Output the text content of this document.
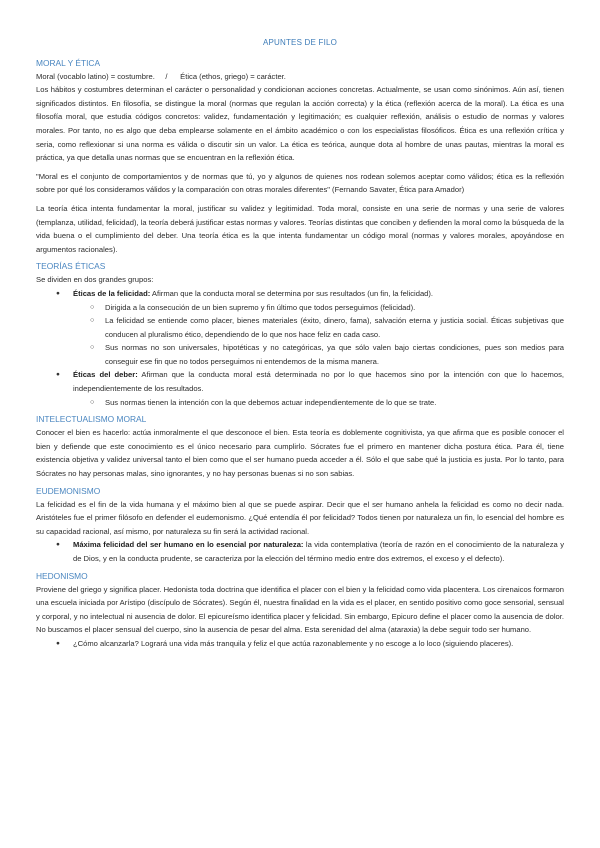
APUNTES DE FILO
MORAL Y ÉTICA

Moral (vocablo latino) = costumbre. / Ética (ethos, griego) = carácter.

Los hábitos y costumbres determinan el carácter o personalidad y condicionan acciones concretas. Actualmente, se usan como sinónimos. Aún así, tienen significados distintos. En filosofía, se distingue la moral (normas que regulan la acción correcta) y la ética (reflexión acerca de la moral). La ética es una filosofía moral, que estudia códigos concretos: validez, fundamentación y legitimación; es cualquier reflexión, análisis o estudio de normas y valores morales. Por tanto, no es algo que deba emplearse solamente en el ámbito académico o con los especialistas filosóficos. Ética es una reflexión crítica y seria, como reflexionar si una norma es válida o discutir sin un valor. La ética es teórica, aunque dota al hombre de unas pautas, mientras la moral es práctica, ya que detalla unas normas que se encuentran en la reflexión ética.

"Moral es el conjunto de comportamientos y de normas que tú, yo y algunos de quienes nos rodean solemos aceptar como válidos; ética es la reflexión sobre por qué los consideramos válidos y la comparación con otras morales diferentes" (Fernando Savater, Ética para Amador)

La teoría ética intenta fundamentar la moral, justificar su validez y legitimidad. Toda moral, consiste en una serie de normas y una serie de valores (templanza, utilidad, felicidad), la teoría deberá justificar estas normas y valores. Teorías distintas que conciben y defienden la moral como la búsqueda de la vida buena o el cumplimiento del deber. Una teoría ética es la que intenta fundamentar un código moral (normas y valores morales, apoyándose en argumentos racionales).

TEORÍAS ÉTICAS

Se dividen en dos grandes grupos:

● Éticas de la felicidad: Afirman que la conducta moral se determina por sus resultados (un fin, la felicidad).
○ Dirigida a la consecución de un bien supremo y fin último que todos perseguimos (felicidad).
○ La felicidad se entiende como placer, bienes materiales (éxito, dinero, fama), salvación eterna y justicia social. Éticas subjetivas que conducen al pluralismo ético, dependiendo de lo que nos hace feliz en cada caso.
○ Sus normas no son universales, hipotéticas y no categóricas, ya que sólo valen bajo ciertas condiciones, pues son medios para conseguir ese fin que no todos perseguimos ni entendemos de la misma manera.
● Éticas del deber: Afirman que la conducta moral está determinada no por lo que hacemos sino por la intención con que lo hacemos, independientemente de los resultados.
○ Sus normas tienen la intención con la que debemos actuar independientemente de lo que se trate.
INTELECTUALISMO MORAL

Conocer el bien es hacerlo: actúa inmoralmente el que desconoce el bien. Esta teoría es doblemente cognitivista, ya que afirma que es posible conocer el bien y defiende que este conocimiento es el único necesario para cumplirlo. Sócrates fue el primero en mantener dicha postura ética. Para él, tiene existencia objetiva y validez universal tanto el bien como que el ser humano pueda acceder a él. Sólo el que sabe qué la justicia es justa. Por lo tanto, para Sócrates no hay personas malas, sino ignorantes, y no hay personas buenas si no son sabias.

EUDEMONISMO

La felicidad es el fin de la vida humana y el máximo bien al que se puede aspirar. Decir que el ser humano anhela la felicidad es como no decir nada. Aristóteles fue el primer filósofo en defender el eudemonismo. ¿Qué entendía él por felicidad? Todos tienen por naturaleza un fin, lo esencial del hombre es su capacidad racional, así mismo, por naturaleza su fin será la actividad racional.

● Máxima felicidad del ser humano en lo esencial por naturaleza: la vida contemplativa (teoría de razón en el conocimiento de la naturaleza y de Dios, y en la conducta prudente, se caracteriza por la elección del término medio entre dos extremos, el exceso y el defecto).
HEDONISMO

Proviene del griego y significa placer. Hedonista toda doctrina que identifica el placer con el bien y la felicidad como vida placentera. Los cirenaicos formaron una escuela iniciada por Arístipo (discípulo de Sócrates). Según él, nuestra finalidad en la vida es el placer, en sentido positivo como goce sensorial, sensual y corporal, y no intelectual ni ausencia de dolor. El epicureísmo identifica placer y felicidad. Sin embargo, Epicuro define el placer como la ausencia de dolor. No buscamos el placer sensual del cuerpo, sino la ausencia de pesar del alma. Esta serenidad del alma (ataraxia) la debe seguir todo ser humano.

● ¿Cómo alcanzarla? Logrará una vida más tranquila y feliz el que actúa razonablemente y no escoge a lo loco (siguiendo placeres).
